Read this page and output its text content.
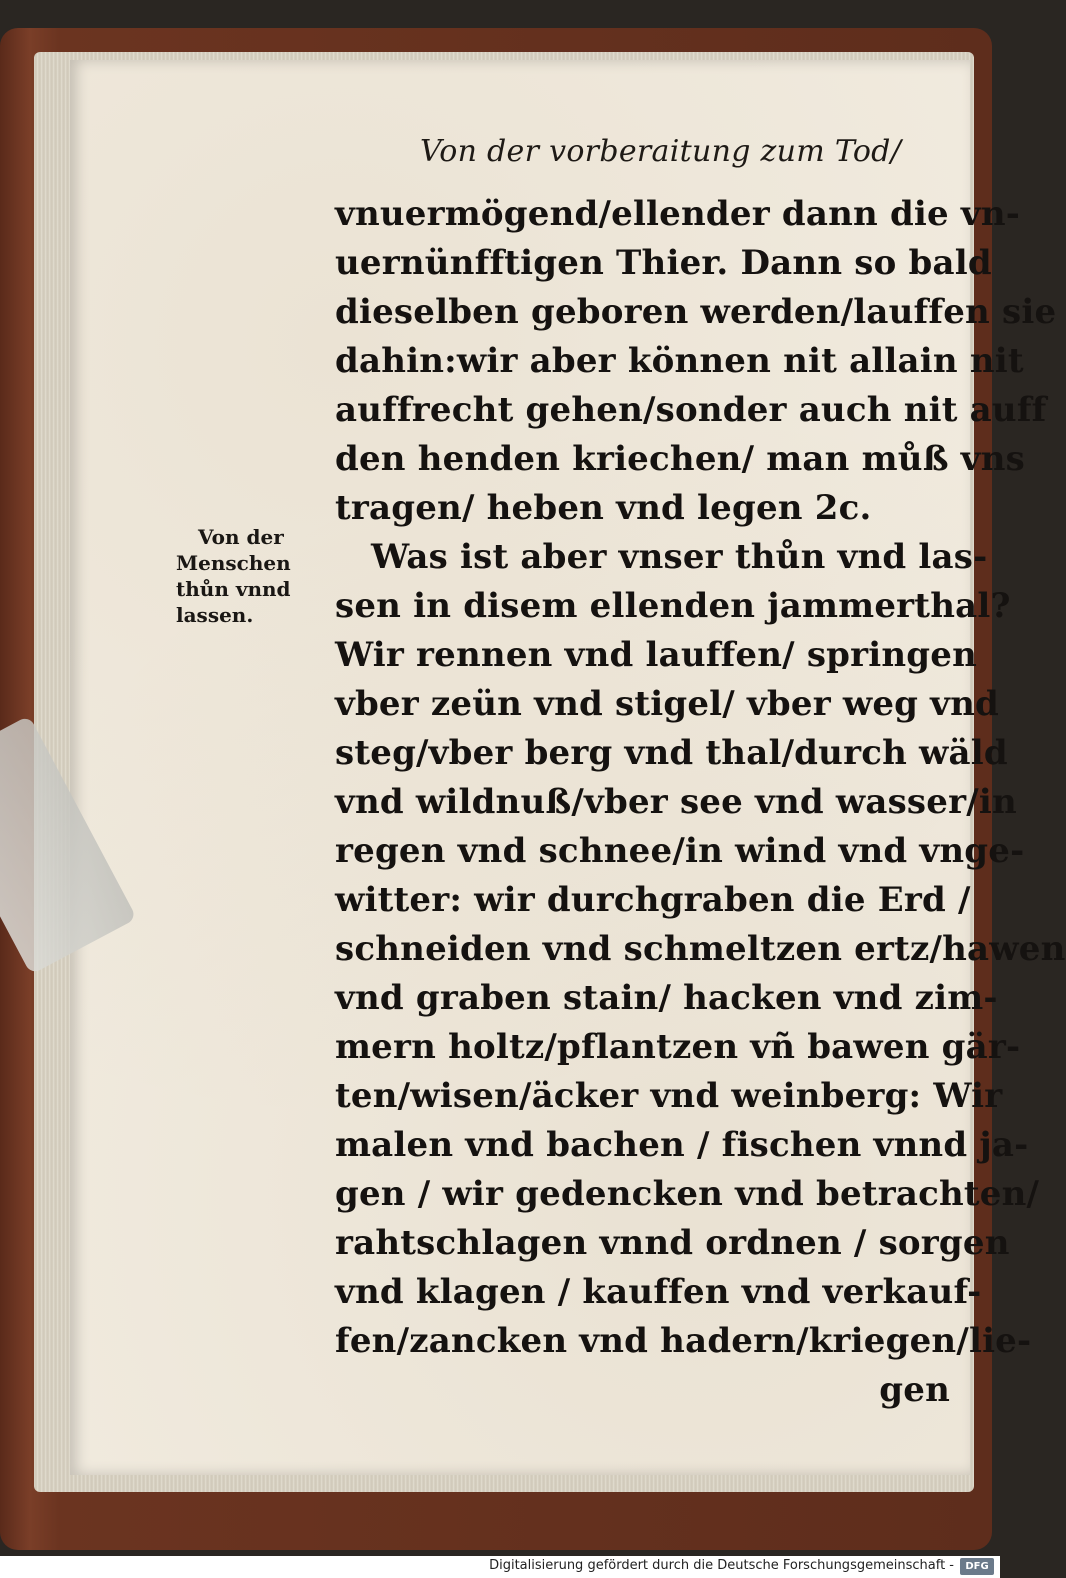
Von der vorberaitung zum Tod/
Von der
Menschen
thůn vnnd
lassen.
vnuermögend/ellender dann die vn-
uernünfftigen Thier. Dann so bald
dieselben geboren werden/lauffen sie
dahin:wir aber können nit allain nit
auffrecht gehen/sonder auch nit auff
den henden kriechen/ man můß vns
tragen/ heben vnd legen 2c.
Was ist aber vnser thůn vnd las-
sen in disem ellenden jammerthal?
Wir rennen vnd lauffen/ springen
vber zeün vnd stigel/ vber weg vnd
steg/vber berg vnd thal/durch wäld
vnd wildnuß/vber see vnd wasser/in
regen vnd schnee/in wind vnd vnge-
witter: wir durchgraben die Erd /
schneiden vnd schmeltzen ertz/hawen
vnd graben stain/ hacken vnd zim-
mern holtz/pflantzen vñ bawen gär-
ten/wisen/äcker vnd weinberg: Wir
malen vnd bachen / fischen vnnd ja-
gen / wir gedencken vnd betrachten/
rahtschlagen vnnd ordnen / sorgen
vnd klagen / kauffen vnd verkauf-
fen/zancken vnd hadern/kriegen/lie-
gen
Digitalisierung gefördert durch die Deutsche Forschungsgemeinschaft -	DFG
